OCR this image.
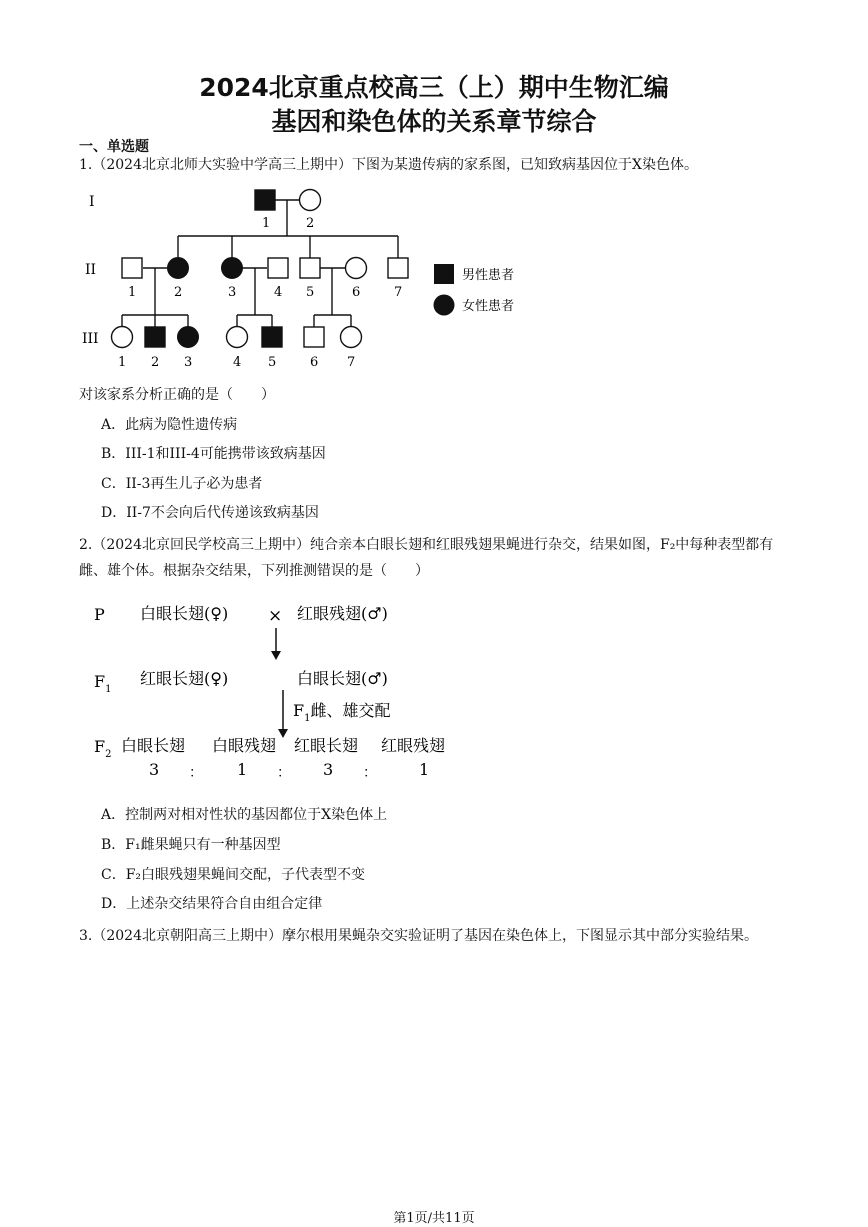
2024北京重点校高三（上）期中生物汇编
基因和染色体的关系章节综合
一、单选题
1.（2024北京北师大实验中学高三上期中）下图为某遗传病的家系图，已知致病基因位于X染色体。
I
II
III
1	2
1	2	3	4 5	6	7
1 2 3	4 5	6 7
男性患者
女性患者
对该家系分析正确的是（　　）
A．此病为隐性遗传病
B．III-1和III-4可能携带该致病基因
C．II-3再生儿子必为患者
D．II-7不会向后代传递该致病基因
2.（2024北京回民学校高三上期中）纯合亲本白眼长翅和红眼残翅果蝇进行杂交，结果如图，F₂中每种表型都有雌、雄个体。根据杂交结果，下列推测错误的是（　　）
P 白眼长翅(♀) × 红眼残翅(♂)
$F_1$
红眼长翅(♀)	白眼长翅(♂)
$F_1$雌、雄交配
$F_2$ 白眼长翅 白眼残翅 红眼长翅 红眼残翅
3 ： 1 ： 3 ：	1
A．控制两对相对性状的基因都位于X染色体上
B．F₁雌果蝇只有一种基因型
C．F₂白眼残翅果蝇间交配，子代表型不变
D．上述杂交结果符合自由组合定律
3.（2024北京朝阳高三上期中）摩尔根用果蝇杂交实验证明了基因在染色体上，下图显示其中部分实验结果。
第1页/共11页
